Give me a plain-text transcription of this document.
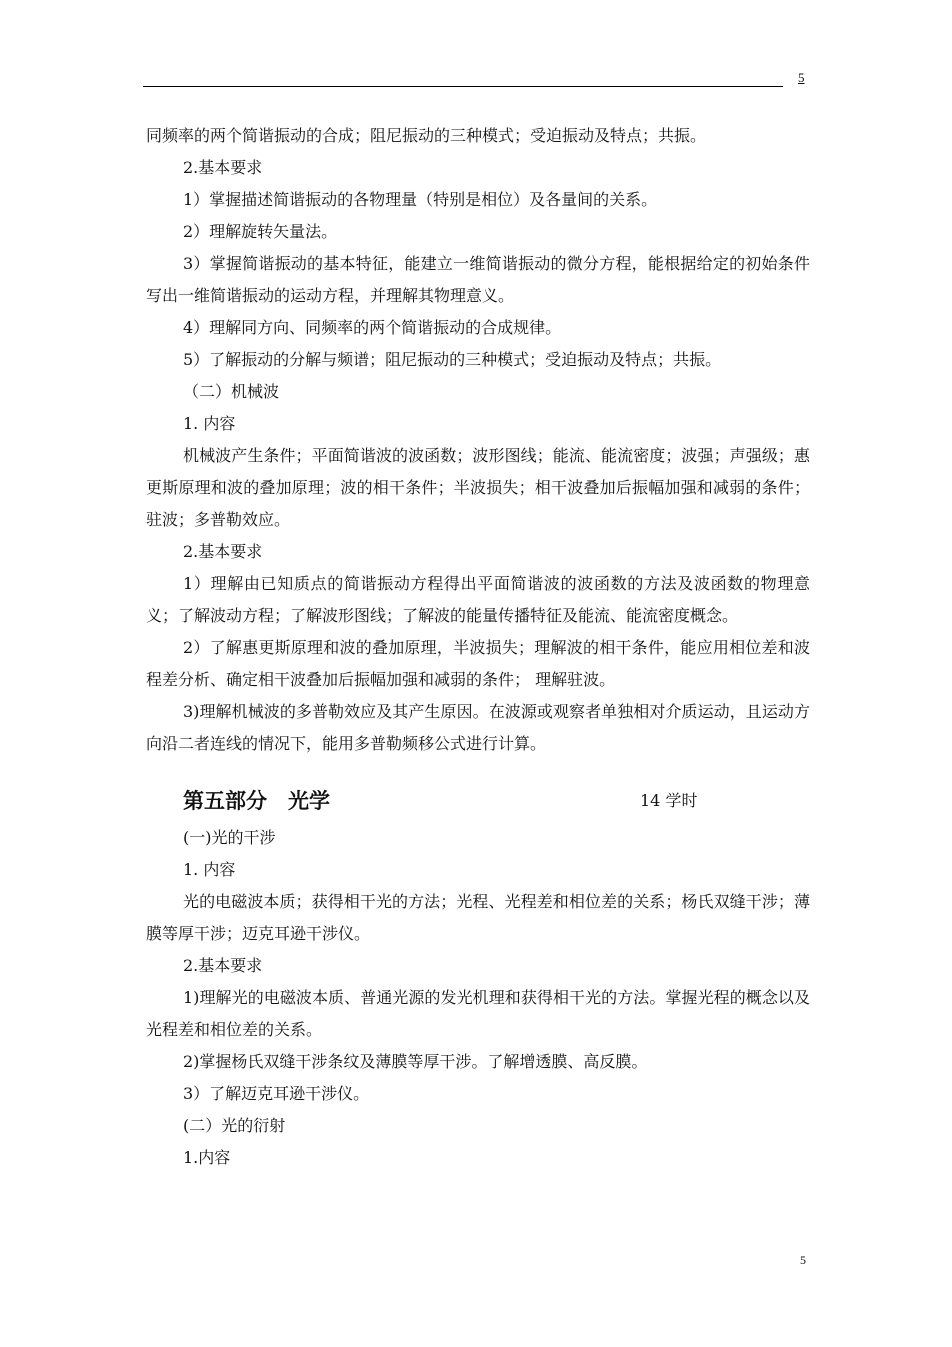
5

同频率的两个简谐振动的合成；阻尼振动的三种模式；受迫振动及特点；共振。

2.基本要求

1）掌握描述简谐振动的各物理量（特别是相位）及各量间的关系。

2）理解旋转矢量法。

3）掌握简谐振动的基本特征，能建立一维简谐振动的微分方程，能根据给定的初始条件写出一维简谐振动的运动方程，并理解其物理意义。

4）理解同方向、同频率的两个简谐振动的合成规律。

5）了解振动的分解与频谱；阻尼振动的三种模式；受迫振动及特点；共振。

（二）机械波

1. 内容

机械波产生条件；平面简谐波的波函数；波形图线；能流、能流密度；波强；声强级；惠更斯原理和波的叠加原理；波的相干条件；半波损失；相干波叠加后振幅加强和减弱的条件；驻波；多普勒效应。

2.基本要求

1）理解由已知质点的简谐振动方程得出平面简谐波的波函数的方法及波函数的物理意义；了解波动方程；了解波形图线；了解波的能量传播特征及能流、能流密度概念。

2）了解惠更斯原理和波的叠加原理，半波损失；理解波的相干条件，能应用相位差和波程差分析、确定相干波叠加后振幅加强和减弱的条件； 理解驻波。

3)理解机械波的多普勒效应及其产生原因。在波源或观察者单独相对介质运动，且运动方向沿二者连线的情况下，能用多普勒频移公式进行计算。

第五部分　光学	14 学时

(一)光的干涉

1. 内容

光的电磁波本质；获得相干光的方法；光程、光程差和相位差的关系；杨氏双缝干涉；薄膜等厚干涉；迈克耳逊干涉仪。

2.基本要求

1)理解光的电磁波本质、普通光源的发光机理和获得相干光的方法。掌握光程的概念以及光程差和相位差的关系。

2)掌握杨氏双缝干涉条纹及薄膜等厚干涉。了解增透膜、高反膜。

3）了解迈克耳逊干涉仪。

(二）光的衍射

1.内容

5
